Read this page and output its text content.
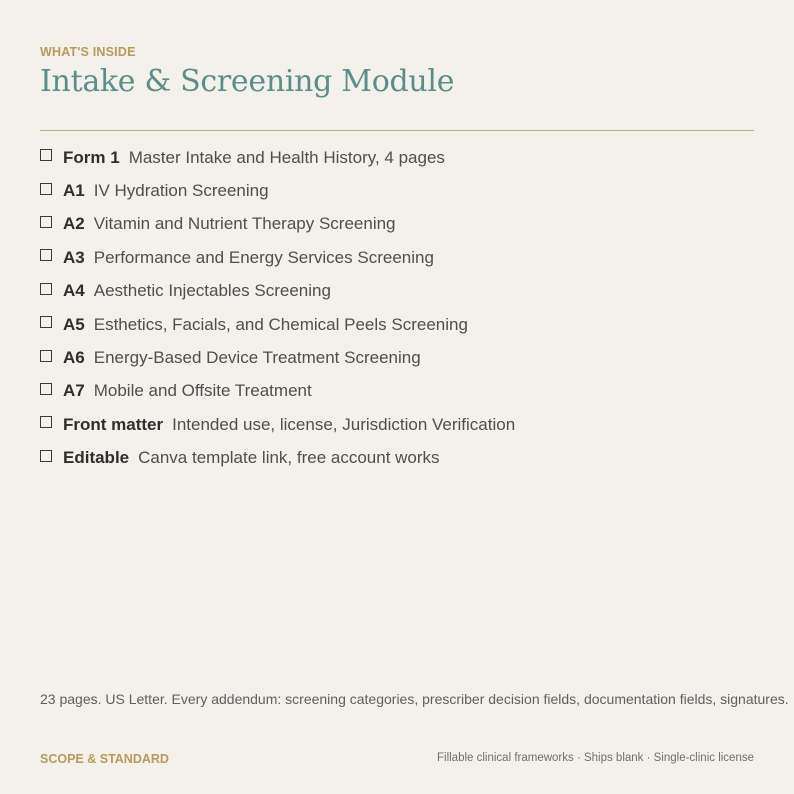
WHAT'S INSIDE
Intake & Screening Module
Form 1 Master Intake and Health History, 4 pages
A1 IV Hydration Screening
A2 Vitamin and Nutrient Therapy Screening
A3 Performance and Energy Services Screening
A4 Aesthetic Injectables Screening
A5 Esthetics, Facials, and Chemical Peels Screening
A6 Energy-Based Device Treatment Screening
A7 Mobile and Offsite Treatment
Front matter Intended use, license, Jurisdiction Verification
Editable Canva template link, free account works
23 pages. US Letter. Every addendum: screening categories, prescriber decision fields, documentation fields, signatures.
SCOPE & STANDARD	Fillable clinical frameworks · Ships blank · Single-clinic license
